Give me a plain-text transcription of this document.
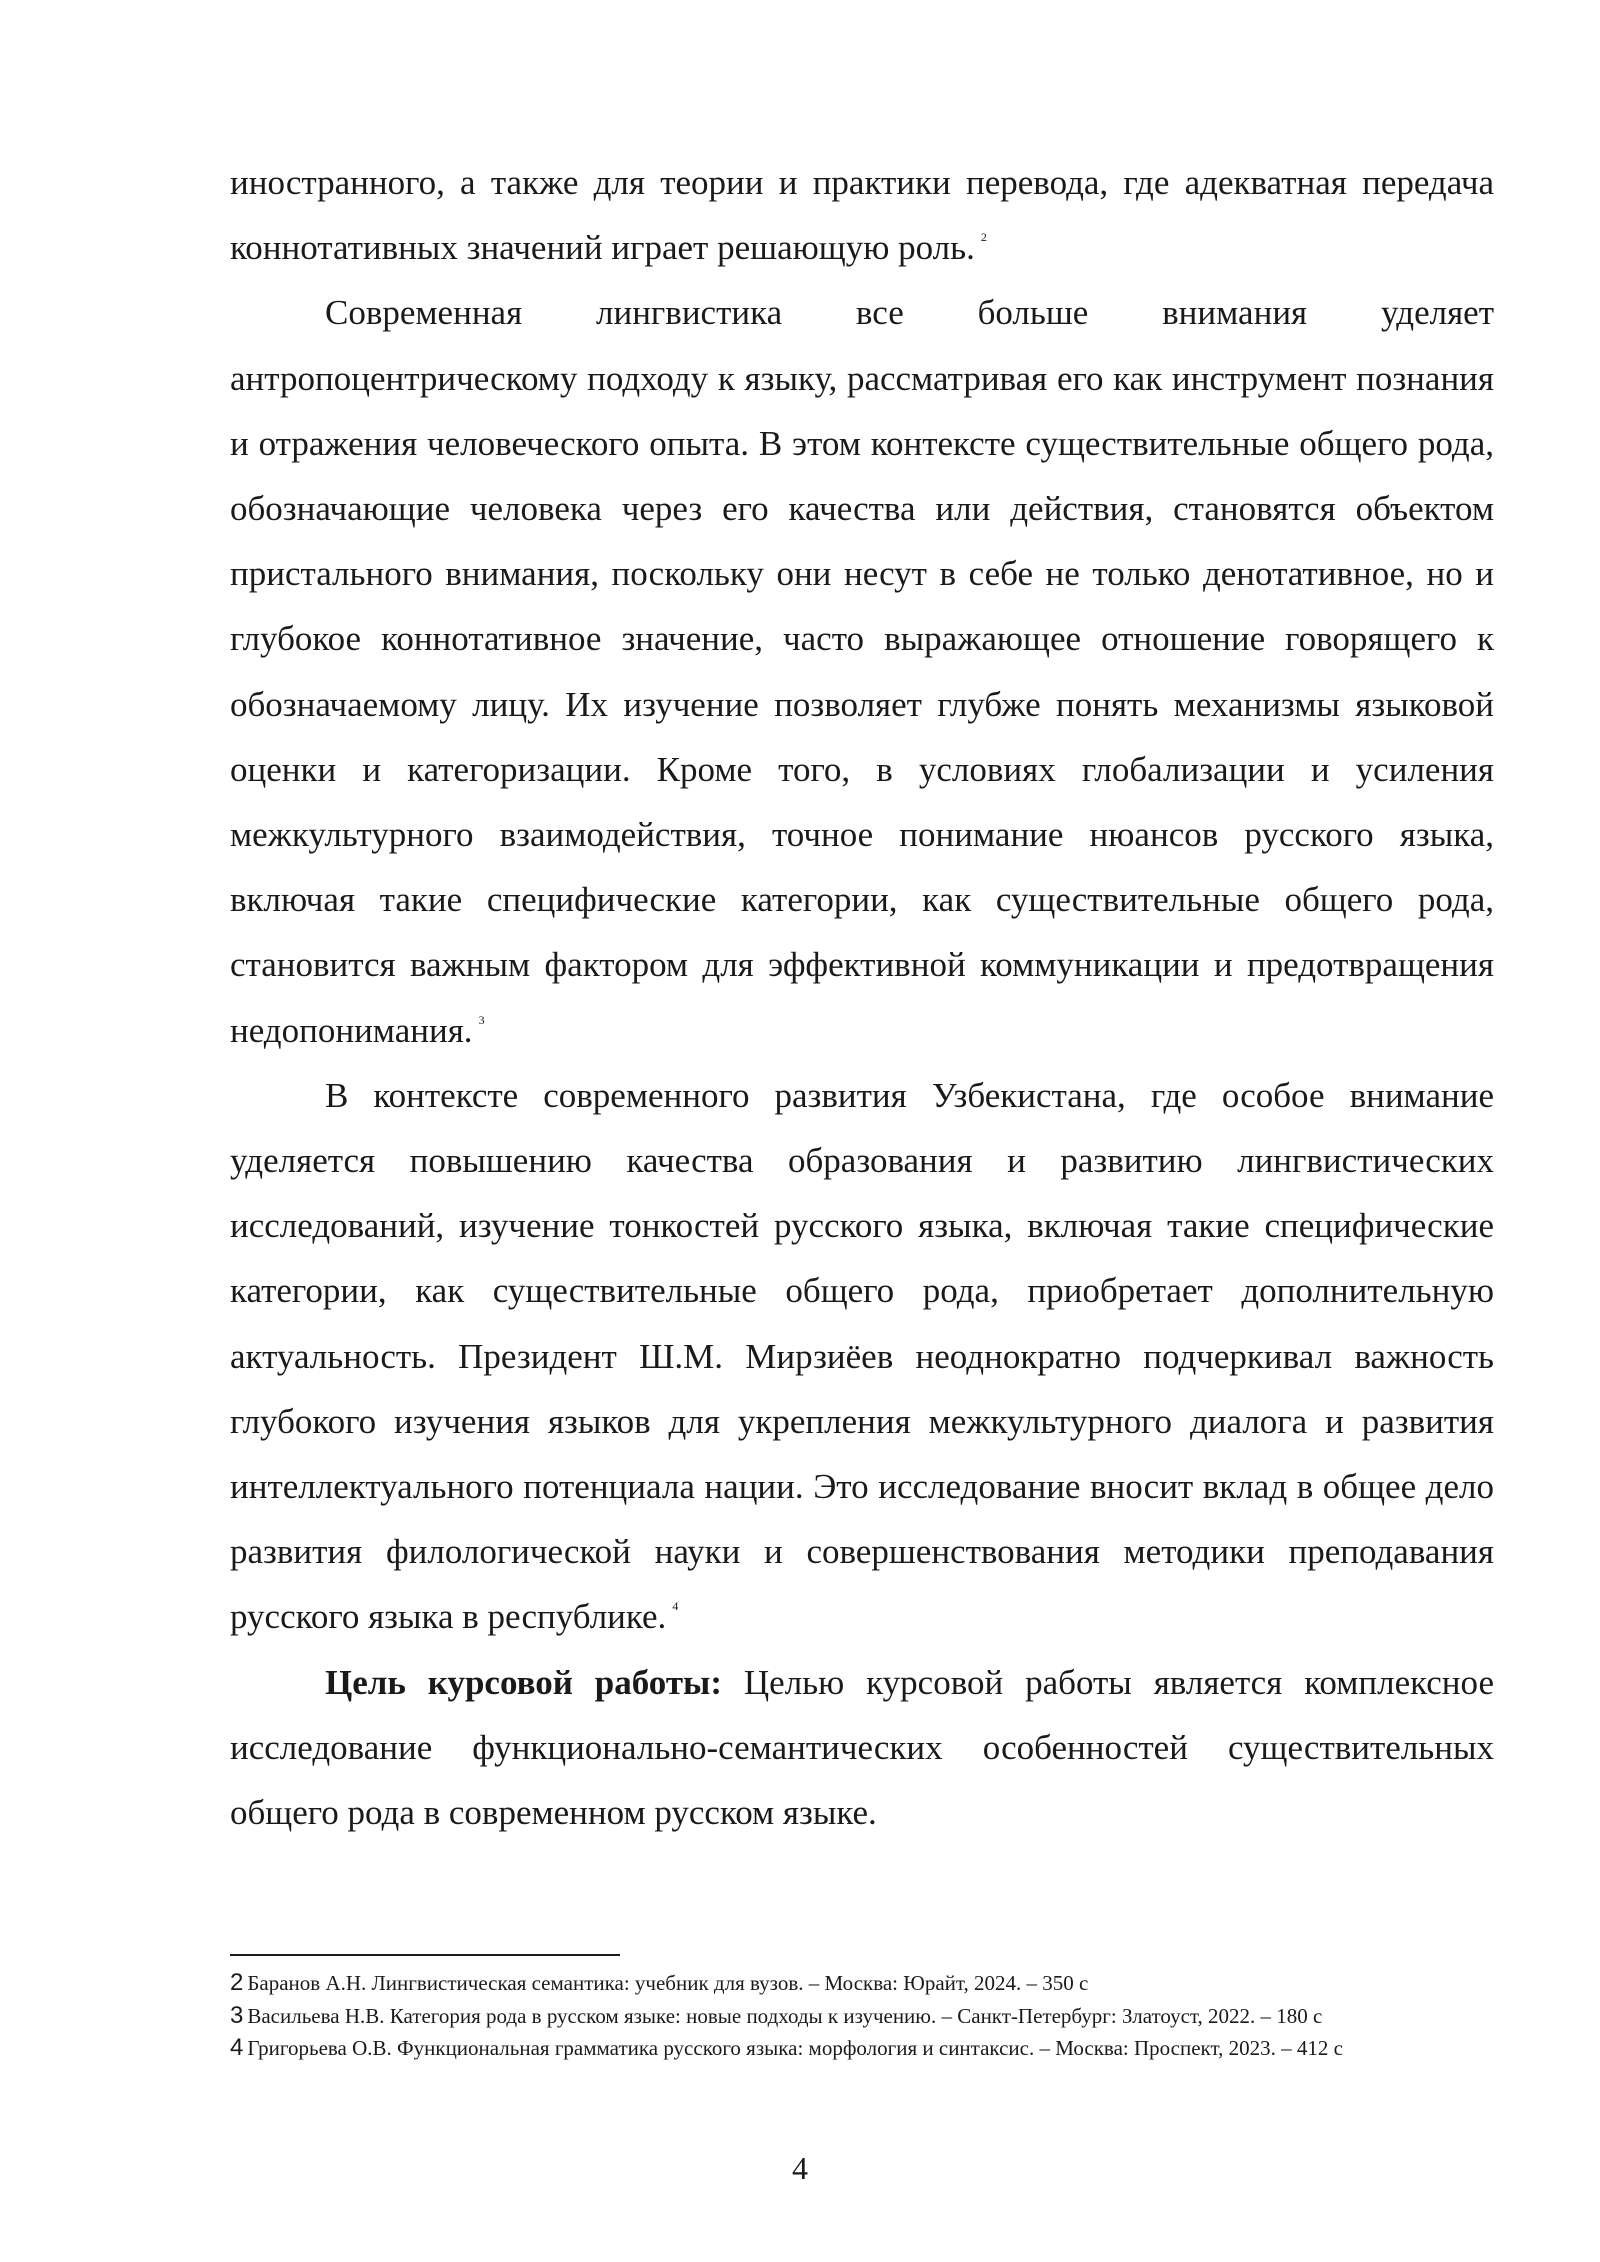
иностранного, а также для теории и практики перевода, где адекватная передача коннотативных значений играет решающую роль. $^2$

Современная лингвистика все больше внимания уделяет антропоцентрическому подходу к языку, рассматривая его как инструмент познания и отражения человеческого опыта. В этом контексте существительные общего рода, обозначающие человека через его качества или действия, становятся объектом пристального внимания, поскольку они несут в себе не только денотативное, но и глубокое коннотативное значение, часто выражающее отношение говорящего к обозначаемому лицу. Их изучение позволяет глубже понять механизмы языковой оценки и категоризации. Кроме того, в условиях глобализации и усиления межкультурного взаимодействия, точное понимание нюансов русского языка, включая такие специфические категории, как существительные общего рода, становится важным фактором для эффективной коммуникации и предотвращения недопонимания. $^3$

В контексте современного развития Узбекистана, где особое внимание уделяется повышению качества образования и развитию лингвистических исследований, изучение тонкостей русского языка, включая такие специфические категории, как существительные общего рода, приобретает дополнительную актуальность. Президент Ш.М. Мирзиёев неоднократно подчеркивал важность глубокого изучения языков для укрепления межкультурного диалога и развития интеллектуального потенциала нации. Это исследование вносит вклад в общее дело развития филологической науки и совершенствования методики преподавания русского языка в республике. $^4$

Цель курсовой работы: Целью курсовой работы является комплексное исследование функционально-семантических особенностей существительных общего рода в современном русском языке.

2 Баранов А.Н. Лингвистическая семантика: учебник для вузов. – Москва: Юрайт, 2024. – 350 с

3 Васильева Н.В. Категория рода в русском языке: новые подходы к изучению. – Санкт-Петербург: Златоуст, 2022. – 180 с

4 Григорьева О.В. Функциональная грамматика русского языка: морфология и синтаксис. – Москва: Проспект, 2023. – 412 с

4
